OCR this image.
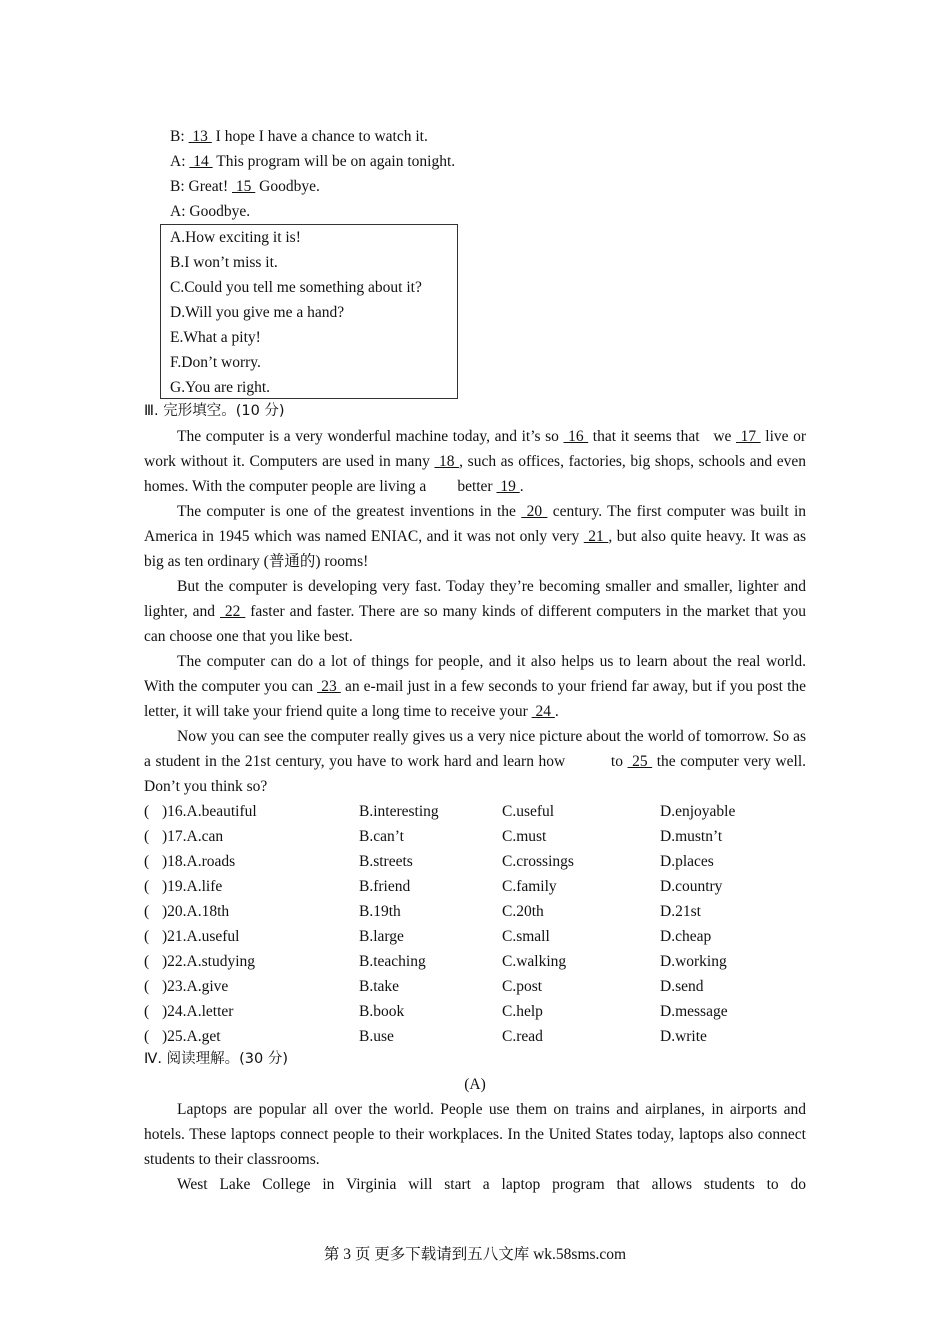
B:  13  I hope I have a chance to watch it.
A:  14  This program will be on again tonight.
B: Great!  15  Goodbye.
A: Goodbye.
A.How exciting it is!
B.I won’t miss it.
C.Could you tell me something about it?
D.Will you give me a hand?
E.What a pity!
F.Don’t worry.
G.You are right.
Ⅲ. 完形填空。(10 分)
The computer is a very wonderful machine today, and it’s so  16  that it seems that   we  17  live or work without it. Computers are used in many  18 , such as offices, factories, big shops, schools and even homes. With the computer people are living a        better  19 .
The computer is one of the greatest inventions in the  20  century. The first computer was built in America in 1945 which was named ENIAC, and it was not only very  21 , but also quite heavy. It was as big as ten ordinary (普通的) rooms!
But the computer is developing very fast. Today they’re becoming smaller and smaller, lighter and lighter, and  22  faster and faster. There are so many kinds of different computers in the market that you can choose one that you like best.
The computer can do a lot of things for people, and it also helps us to learn about the real world. With the computer you can  23  an e-mail just in a few seconds to your friend far away, but if you post the letter, it will take your friend quite a long time to receive your  24 .
Now you can see the computer really gives us a very nice picture about the world of tomorrow. So as a student in the 21st century, you have to work hard and learn how          to  25  the computer very well. Don’t you think so?
( )16.A.beautiful	B.interesting	C.useful	D.enjoyable
( )17.A.can	B.can’t	C.must	D.mustn’t
( )18.A.roads	B.streets	C.crossings	D.places
( )19.A.life	B.friend	C.family	D.country
( )20.A.18th	B.19th	C.20th	D.21st
( )21.A.useful	B.large	C.small	D.cheap
( )22.A.studying	B.teaching	C.walking	D.working
( )23.A.give	B.take	C.post	D.send
( )24.A.letter	B.book	C.help	D.message
( )25.A.get	B.use	C.read	D.write
Ⅳ. 阅读理解。(30 分)
(A)
Laptops are popular all over the world. People use them on trains and airplanes, in airports and hotels. These laptops connect people to their workplaces. In the United States today, laptops also connect students to their classrooms.
West Lake College in Virginia will start a laptop program that allows students to do
第 3 页 更多下载请到五八文库 wk.58sms.com
